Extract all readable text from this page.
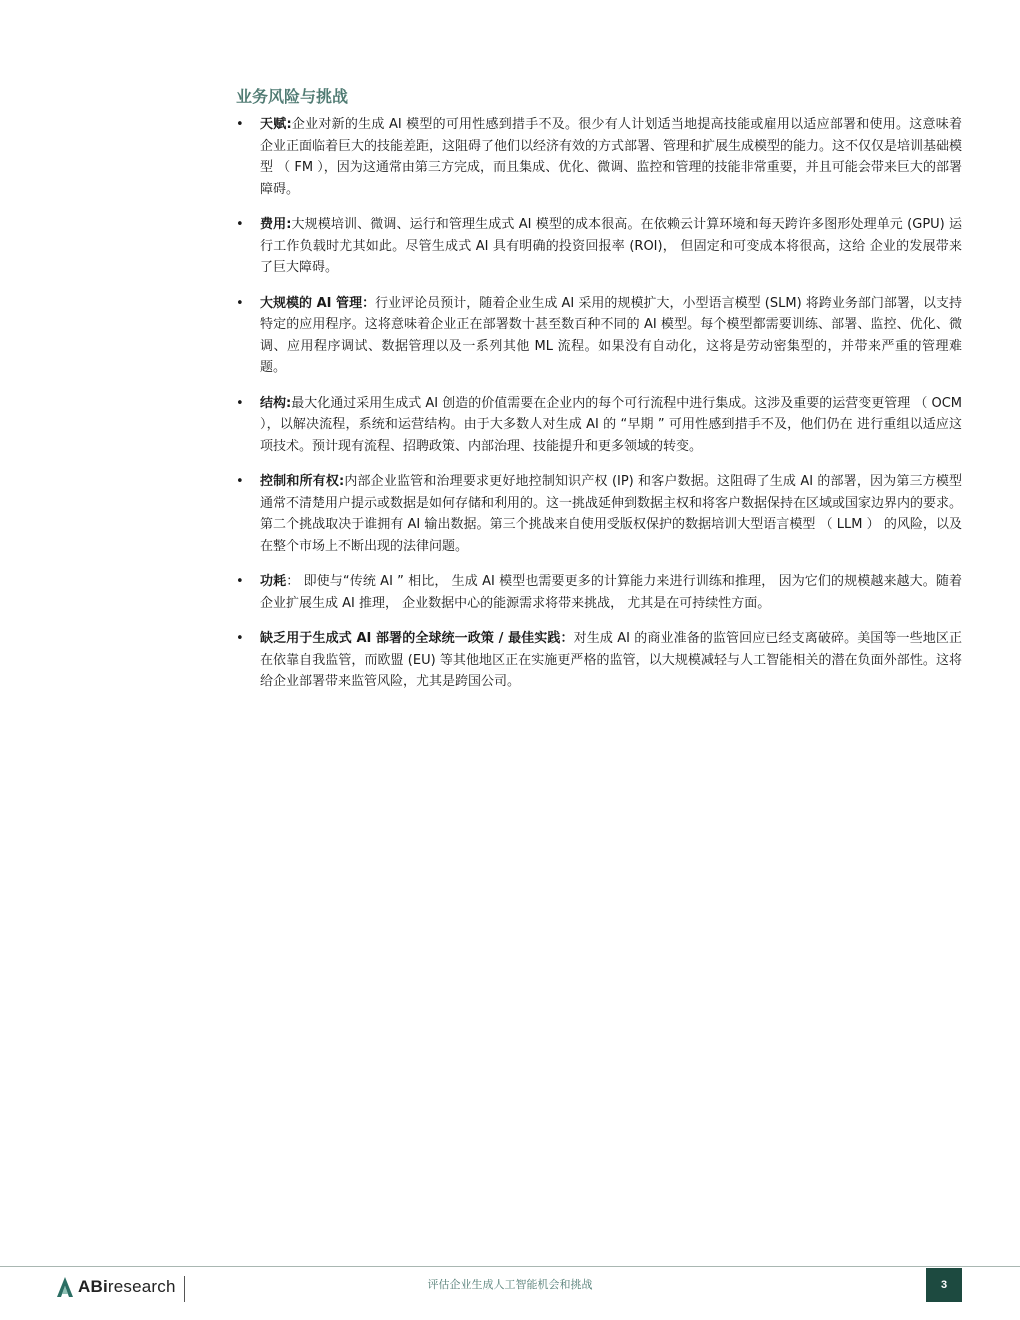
业务风险与挑战
• 天赋:企业对新的生成 AI 模型的可用性感到措手不及。很少有人计划适当地提高技能或雇用以适应部署和使用。这意味着企业正面临着巨大的技能差距，这阻碍了他们以经济有效的方式部署、管理和扩展生成模型的能力。这不仅仅是培训基础模型 （ FM ），因为这通常由第三方完成，而且集成、优化、微调、监控和管理的技能非常重要，并且可能会带来巨大的部署障碍。
• 费用:大规模培训、微调、运行和管理生成式 AI 模型的成本很高。在依赖云计算环境和每天跨许多图形处理单元 (GPU) 运行工作负载时尤其如此。尽管生成式 AI 具有明确的投资回报率 (ROI)， 但固定和可变成本将很高，这给 企业的发展带来了巨大障碍。
• 大规模的 AI 管理：行业评论员预计，随着企业生成 AI 采用的规模扩大，小型语言模型 (SLM) 将跨业务部门部署，以支持特定的应用程序。这将意味着企业正在部署数十甚至数百种不同的 AI 模型。每个模型都需要训练、部署、监控、优化、微调、应用程序调试、数据管理以及一系列其他 ML 流程。如果没有自动化，这将是劳动密集型的，并带来严重的管理难题。
• 结构:最大化通过采用生成式 AI 创造的价值需要在企业内的每个可行流程中进行集成。这涉及重要的运营变更管理 （ OCM ），以解决流程，系统和运营结构。由于大多数人对生成 AI 的 “早期 ” 可用性感到措手不及，他们仍在 进行重组以适应这项技术。预计现有流程、招聘政策、内部治理、技能提升和更多领域的转变。
• 控制和所有权:内部企业监管和治理要求更好地控制知识产权 (IP) 和客户数据。这阻碍了生成 AI 的部署，因为第三方模型通常不清楚用户提示或数据是如何存储和利用的。这一挑战延伸到数据主权和将客户数据保持在区域或国家边界内的要求。第二个挑战取决于谁拥有 AI 输出数据。第三个挑战来自使用受版权保护的数据培训大型语言模型 （ LLM ） 的风险，以及在整个市场上不断出现的法律问题。
• 功耗： 即使与“传统 AI ” 相比， 生成 AI 模型也需要更多的计算能力来进行训练和推理， 因为它们的规模越来越大。随着企业扩展生成 AI 推理， 企业数据中心的能源需求将带来挑战， 尤其是在可持续性方面。
• 缺乏用于生成式 AI 部署的全球统一政策 / 最佳实践：对生成 AI 的商业准备的监管回应已经支离破碎。美国等一些地区正在依靠自我监管，而欧盟 (EU) 等其他地区正在实施更严格的监管，以大规模减轻与人工智能相关的潜在负面外部性。这将给企业部署带来监管风险，尤其是跨国公司。
ABiresearch	评估企业生成人工智能机会和挑战	3
